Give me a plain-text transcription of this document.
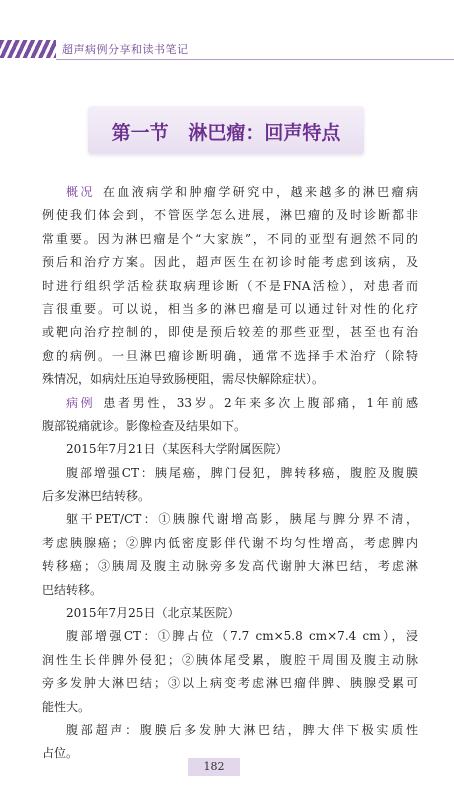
超声病例分享和读书笔记
第一节   淋巴瘤：回声特点
概况 在血液病学和肿瘤学研究中，越来越多的淋巴瘤病
例使我们体会到，不管医学怎么进展，淋巴瘤的及时诊断都非
常重要。因为淋巴瘤是个“大家族”，不同的亚型有迥然不同的
预后和治疗方案。因此，超声医生在初诊时能考虑到该病，及
时进行组织学活检获取病理诊断（不是FNA活检），对患者而
言很重要。可以说，相当多的淋巴瘤是可以通过针对性的化疗
或靶向治疗控制的，即使是预后较差的那些亚型，甚至也有治
愈的病例。一旦淋巴瘤诊断明确，通常不选择手术治疗（除特
殊情况，如病灶压迫导致肠梗阻，需尽快解除症状）。
病例 患者男性，33岁。2年来多次上腹部痛，1年前感
腹部锐痛就诊。影像检查及结果如下。
2015年7月21日（某医科大学附属医院）
腹部增强CT：胰尾癌，脾门侵犯，脾转移癌，腹腔及腹膜
后多发淋巴结转移。
躯干PET/CT：①胰腺代谢增高影，胰尾与脾分界不清，
考虑胰腺癌；②脾内低密度影伴代谢不均匀性增高，考虑脾内
转移癌；③胰周及腹主动脉旁多发高代谢肿大淋巴结，考虑淋
巴结转移。
2015年7月25日（北京某医院）
腹部增强CT：①脾占位（7.7 cm×5.8 cm×7.4 cm），浸
润性生长伴脾外侵犯；②胰体尾受累，腹腔干周围及腹主动脉
旁多发肿大淋巴结；③以上病变考虑淋巴瘤伴脾、胰腺受累可
能性大。
腹部超声：腹膜后多发肿大淋巴结，脾大伴下极实质性
占位。
182
